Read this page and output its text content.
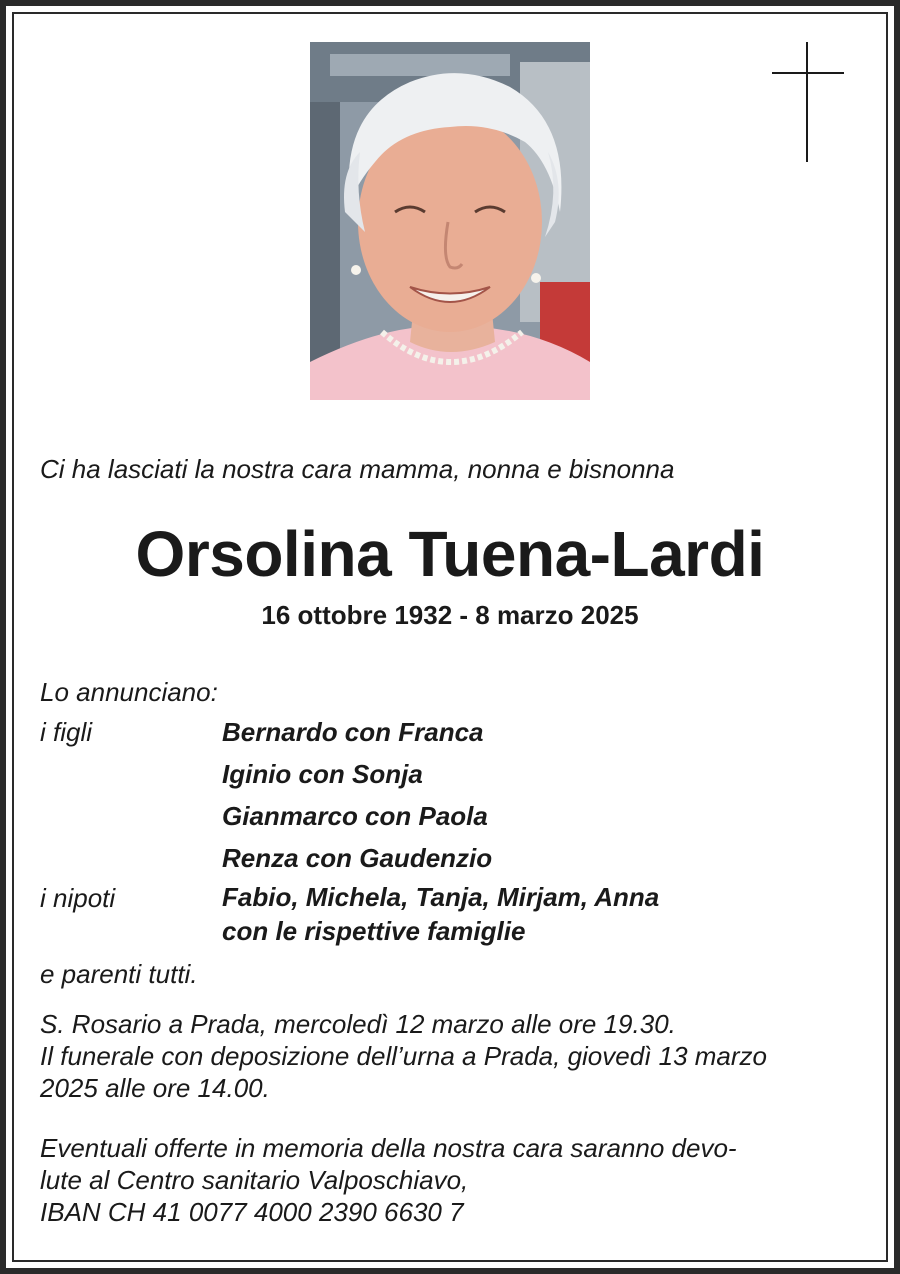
Ci ha lasciati la nostra cara mamma, nonna e bisnonna
Orsolina Tuena-Lardi
16 ottobre 1932 - 8 marzo 2025
Lo annunciano:
i figli	Bernardo con Franca
Iginio con Sonja
Gianmarco con Paola
Renza con Gaudenzio
i nipoti	Fabio, Michela, Tanja, Mirjam, Anna
con le rispettive famiglie
e parenti tutti.
S. Rosario a Prada, mercoledì 12 marzo alle ore 19.30.
Il funerale con deposizione dell’urna a Prada, giovedì 13 marzo
2025 alle ore 14.00.
Eventuali offerte in memoria della nostra cara saranno devo-
lute al Centro sanitario Valposchiavo,
IBAN CH 41 0077 4000 2390 6630 7
